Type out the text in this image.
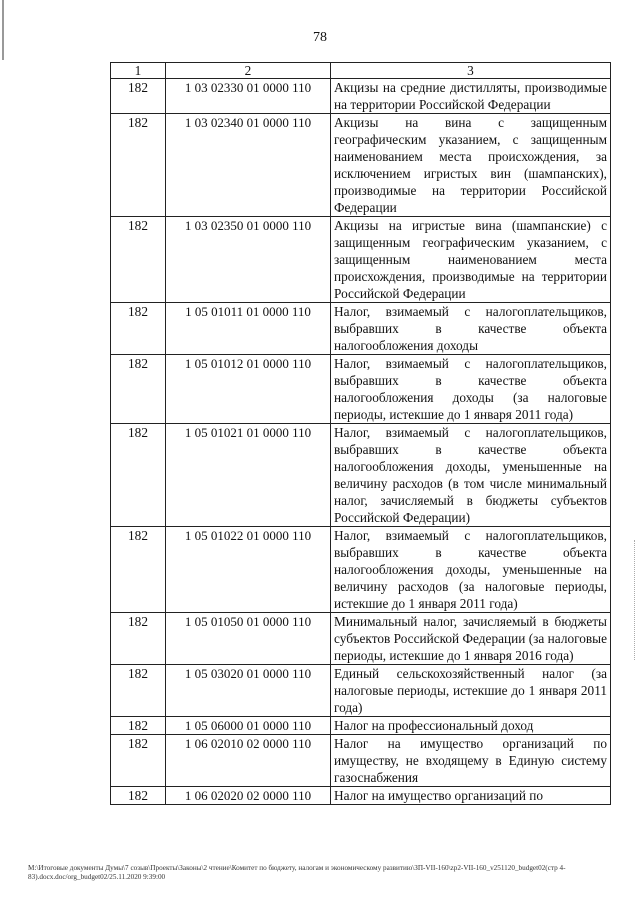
78
1	2	3
182	1 03 02330 01 0000 110	Акцизы на средние дистилляты, производимые на территории Российской Федерации
182	1 03 02340 01 0000 110	Акцизы на вина с защищенным географическим указанием, с защищенным наименованием места происхождения, за исключением игристых вин (шампанских), производимые на территории Российской Федерации
182	1 03 02350 01 0000 110	Акцизы на игристые вина (шампанские) с защищенным географическим указанием, с защищенным наименованием места происхождения, производимые на территории Российской Федерации
182	1 05 01011 01 0000 110	Налог, взимаемый с налогоплательщиков, выбравших в качестве объекта налогообложения доходы
182	1 05 01012 01 0000 110	Налог, взимаемый с налогоплательщиков, выбравших в качестве объекта налогообложения доходы (за налоговые периоды, истекшие до 1 января 2011 года)
182	1 05 01021 01 0000 110	Налог, взимаемый с налогоплательщиков, выбравших в качестве объекта налогообложения доходы, уменьшенные на величину расходов (в том числе минимальный налог, зачисляемый в бюджеты субъектов Российской Федерации)
182	1 05 01022 01 0000 110	Налог, взимаемый с налогоплательщиков, выбравших в качестве объекта налогообложения доходы, уменьшенные на величину расходов (за налоговые периоды, истекшие до 1 января 2011 года)
182	1 05 01050 01 0000 110	Минимальный налог, зачисляемый в бюджеты субъектов Российской Федерации (за налоговые периоды, истекшие до 1 января 2016 года)
182	1 05 03020 01 0000 110	Единый сельскохозяйственный налог (за налоговые периоды, истекшие до 1 января 2011 года)
182	1 05 06000 01 0000 110	Налог на профессиональный доход
182	1 06 02010 02 0000 110	Налог на имущество организаций по имуществу, не входящему в Единую систему газоснабжения
182	1 06 02020 02 0000 110	Налог на имущество организаций по
M:\Итоговые документы Думы\7 созыв\Проекты\Законы\2 чтение\Комитет по бюджету, налогам и экономическому развитию\ЗП-VII-160\zp2-VII-160_v251120_budget02(стр 4-83).docx.doc/org_budget02/25.11.2020 9:39:00
